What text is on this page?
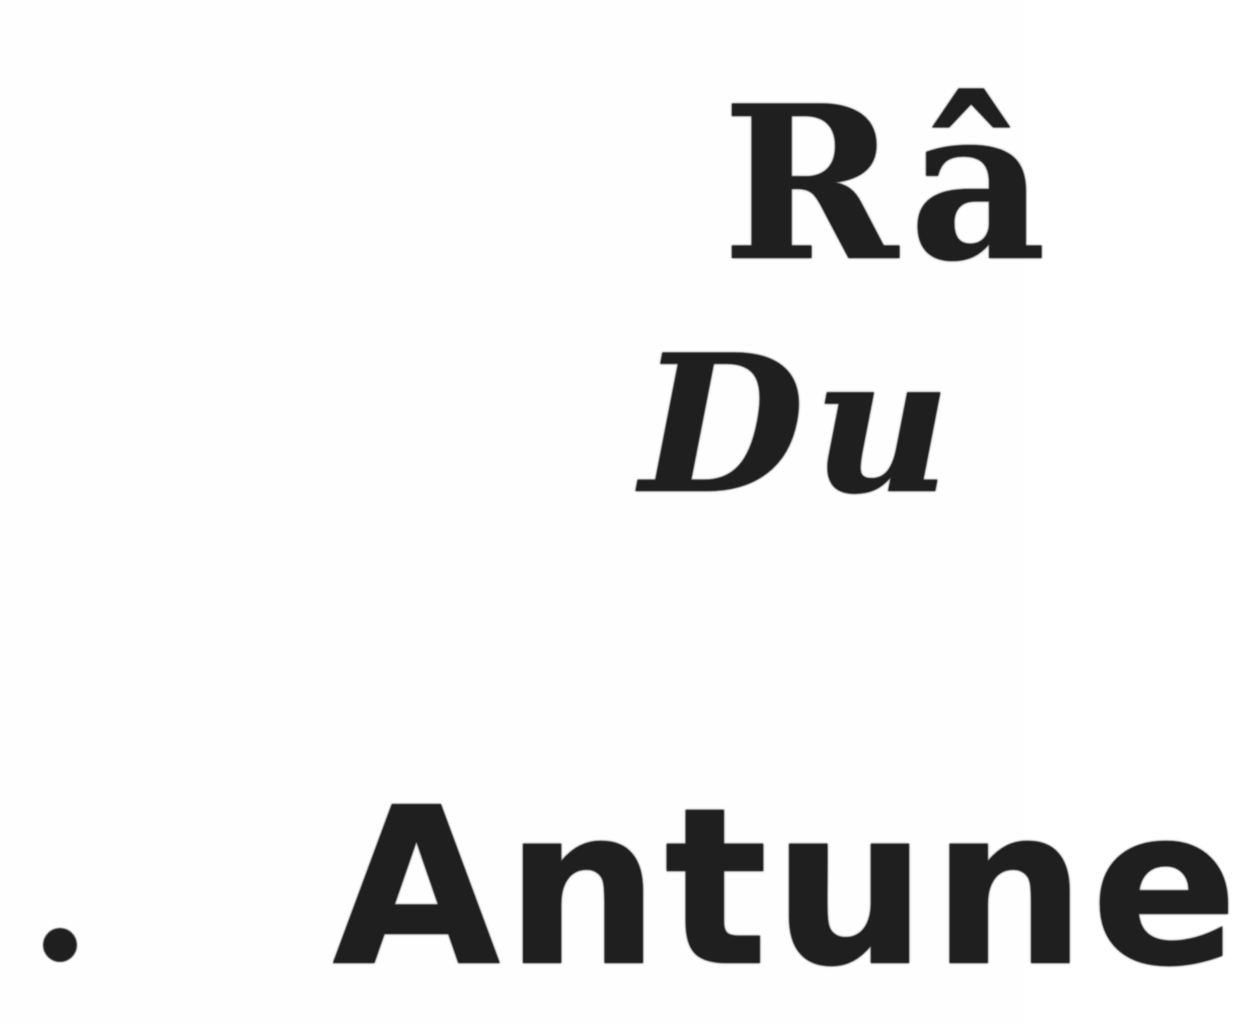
Râ
Du
Antune
